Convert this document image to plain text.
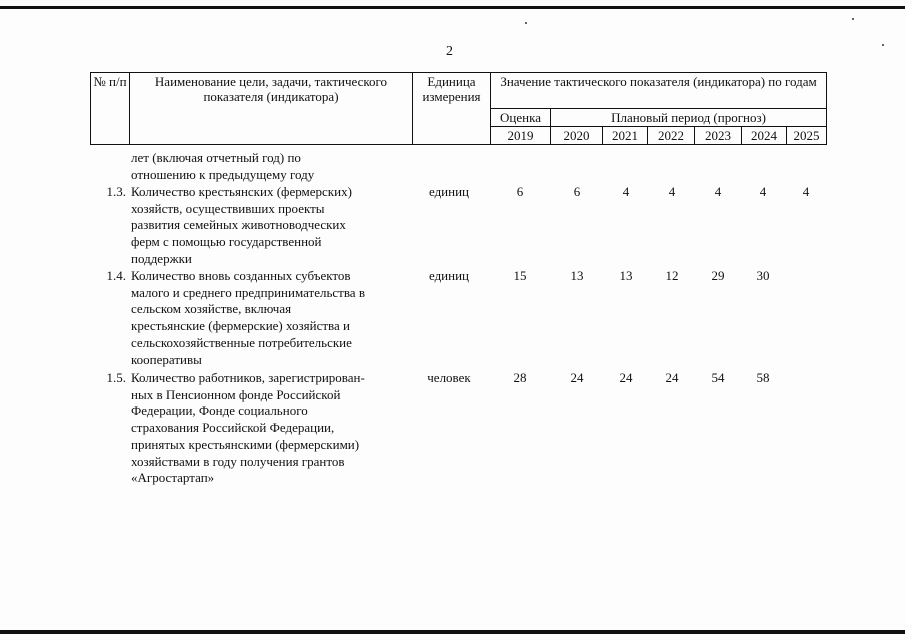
2
№ п/п	Наименование цели, задачи, тактического показателя (индикатора)	Единица измерения	Значение тактического показателя (индикатора) по годам						
			Оценка	Плановый период (прогноз)					
			2019	2020	2021	2022	2023	2024	2025
лет (включая отчетный год) по
отношению к предыдущему году
1.3. Количество крестьянских (фермерских)
хозяйств, осуществивших проекты
развития семейных животноводческих
ферм с помощью государственной
поддержки
единиц	6	6	4	4	4	4	4
1.4. Количество вновь созданных субъектов
малого и среднего предпринимательства в
сельском хозяйстве, включая
крестьянские (фермерские) хозяйства и
сельскохозяйственные потребительские
кооперативы
единиц	15	13	13	12	29	30
1.5. Количество работников, зарегистрирован-
ных в Пенсионном фонде Российской
Федерации, Фонде социального
страхования Российской Федерации,
принятых крестьянскими (фермерскими)
хозяйствами в году получения грантов
«Агростартап»
человек	28	24	24	24	54	58
